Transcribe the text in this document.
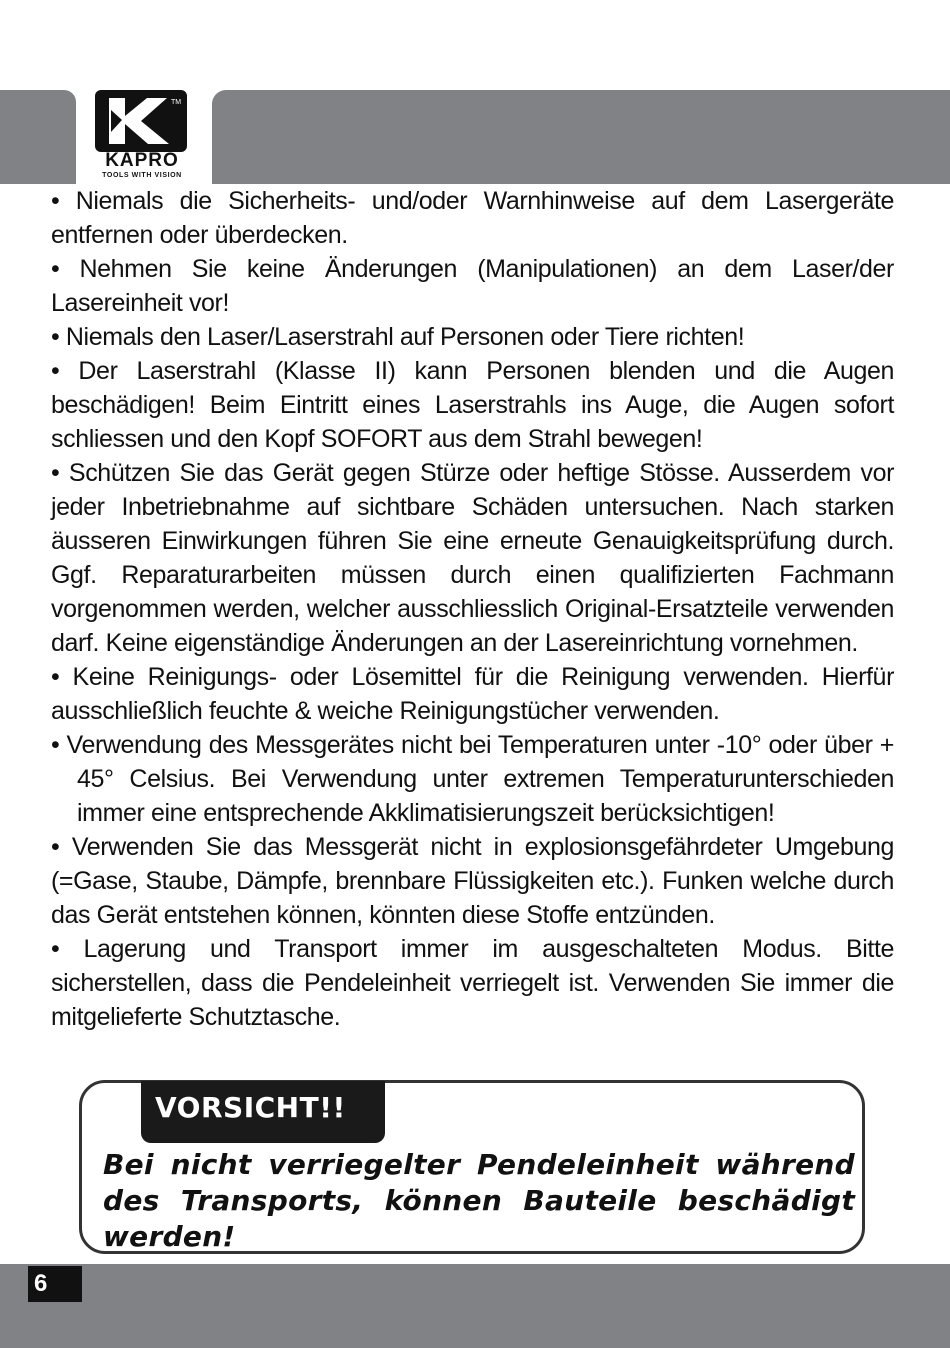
TM
KAPRO
TOOLS WITH VISION

• Niemals die Sicherheits- und/oder Warnhinweise auf dem Lasergeräte entfernen oder überdecken.

• Nehmen Sie keine Änderungen (Manipulationen) an dem Laser/der Lasereinheit vor!

• Niemals den Laser/Laserstrahl auf Personen oder Tiere richten!

• Der Laserstrahl (Klasse II) kann Personen blenden und die Augen beschädigen! Beim Eintritt eines Laserstrahls ins Auge, die Augen sofort schliessen und den Kopf SOFORT aus dem Strahl bewegen!

• Schützen Sie das Gerät gegen Stürze oder heftige Stösse. Ausserdem vor jeder Inbetriebnahme auf sichtbare Schäden untersuchen. Nach starken äusseren Einwirkungen führen Sie eine erneute Genauigkeitsprüfung durch. Ggf. Reparaturarbeiten müssen durch einen qualifizierten Fachmann vorgenommen werden, welcher ausschliesslich Original-Ersatzteile verwenden darf. Keine eigenständige Änderungen an der Lasereinrichtung vornehmen.

• Keine Reinigungs- oder Lösemittel für die Reinigung verwenden. Hierfür ausschließlich feuchte & weiche Reinigungstücher verwenden.

• Verwendung des Messgerätes nicht bei Temperaturen unter -10° oder über + 45° Celsius. Bei Verwendung unter extremen Temperaturunterschieden immer eine entsprechende Akklimatisierungszeit berücksichtigen!

• Verwenden Sie das Messgerät nicht in explosionsgefährdeter Umgebung (=Gase, Staube, Dämpfe, brennbare Flüssigkeiten etc.). Funken welche durch das Gerät entstehen können, könnten diese Stoffe entzünden.

• Lagerung und Transport immer im ausgeschalteten Modus. Bitte sicherstellen, dass die Pendeleinheit verriegelt ist. Verwenden Sie immer die mitgelieferte Schutztasche.

VORSICHT!!
Bei nicht verriegelter Pendeleinheit während des Transports, können Bauteile beschädigt werden!
6
